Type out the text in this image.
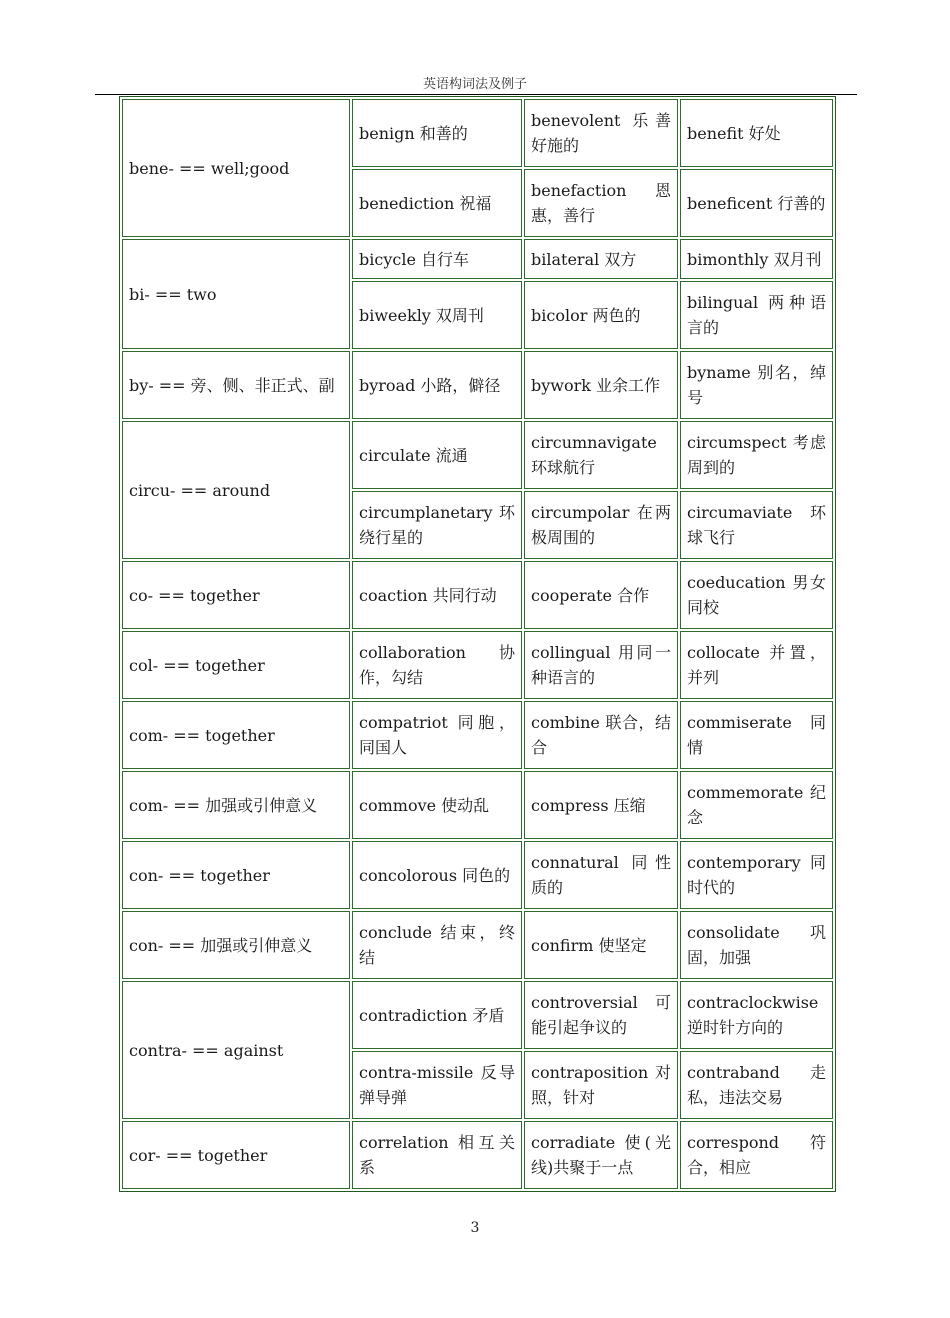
英语构词法及例子
bene- == well;good	benign 和善的	benevolent 乐善好施的	benefit 好处
	benediction 祝福	benefaction 恩惠，善行	beneficent 行善的
bi- == two	bicycle 自行车	bilateral 双方	bimonthly 双月刊
	biweekly 双周刊	bicolor 两色的	bilingual 两种语言的
by- == 旁、侧、非正式、副	byroad 小路，僻径	bywork 业余工作	byname 别名，绰号
circu- == around	circulate 流通	circumnavigate 环球航行	circumspect 考虑周到的
	circumplanetary 环绕行星的	circumpolar 在两极周围的	circumaviate 环球飞行
co- == together	coaction 共同行动	cooperate 合作	coeducation 男女同校
col- == together	collaboration 协作，勾结	collingual 用同一种语言的	collocate 并置，并列
com- == together	compatriot 同胞，同国人	combine 联合，结合	commiserate 同情
com- == 加强或引伸意义	commove 使动乱	compress 压缩	commemorate 纪念
con- == together	concolorous 同色的	connatural 同性质的	contemporary 同时代的
con- == 加强或引伸意义	conclude 结束，终结	confirm 使坚定	consolidate 巩固，加强
contra- == against	contradiction 矛盾	controversial 可能引起争议的	contraclockwise 逆时针方向的
	contra-missile 反导弹导弹	contraposition 对照，针对	contraband 走私，违法交易
cor- == together	correlation 相互关系	corradiate 使(光线)共聚于一点	correspond 符合，相应
3
